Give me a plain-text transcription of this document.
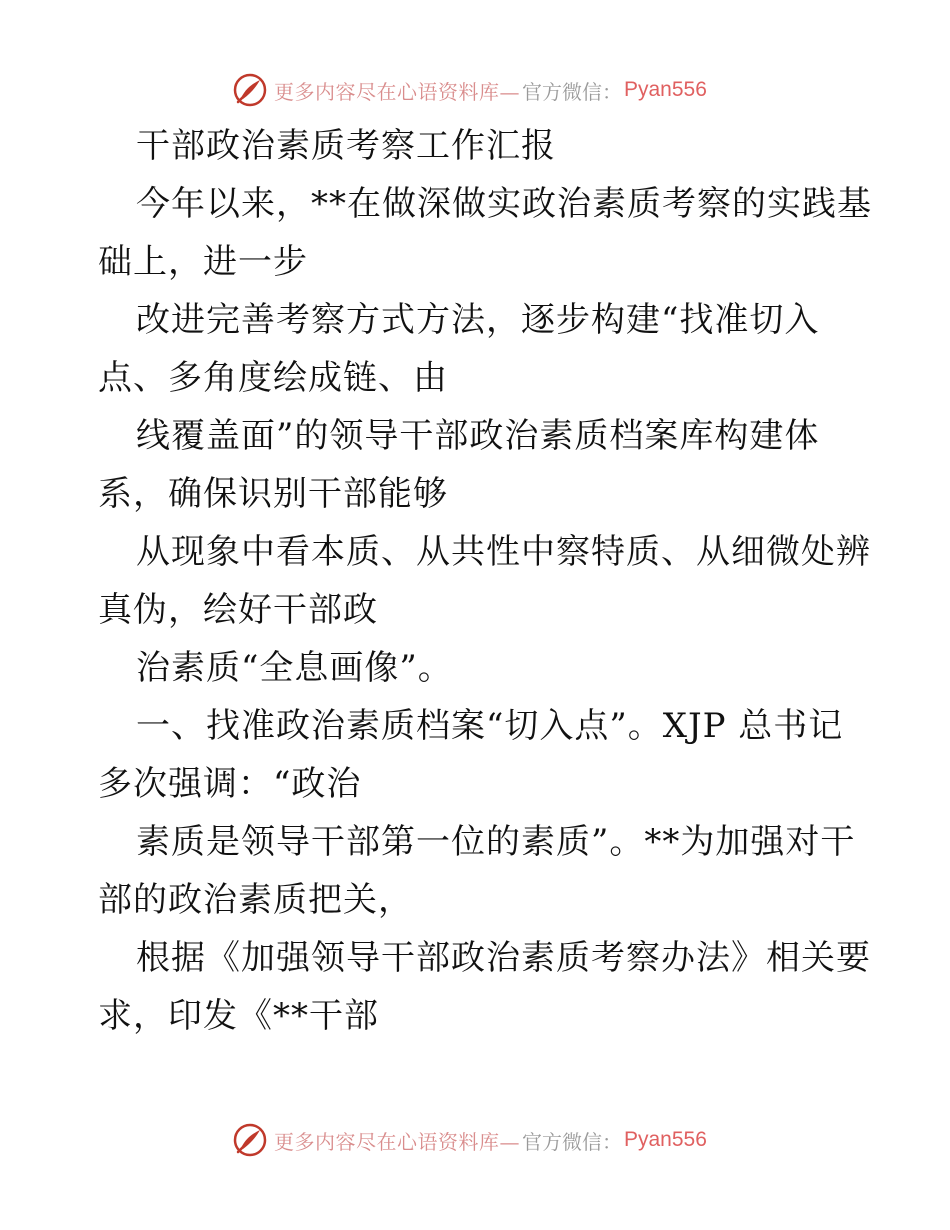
更多内容尽在心语资料库— 官方微信： Pyan556
干部政治素质考察工作汇报
今年以来，**在做深做实政治素质考察的实践基
础上，进一步
改进完善考察方式方法，逐步构建“找准切入
点、多角度绘成链、由
线覆盖面”的领导干部政治素质档案库构建体
系，确保识别干部能够
从现象中看本质、从共性中察特质、从细微处辨
真伪，绘好干部政
治素质“全息画像”。
一、找准政治素质档案“切入点”。XJP 总书记
多次强调：“政治
素质是领导干部第一位的素质”。**为加强对干
部的政治素质把关，
根据《加强领导干部政治素质考察办法》相关要
求，印发《**干部
更多内容尽在心语资料库— 官方微信： Pyan556
